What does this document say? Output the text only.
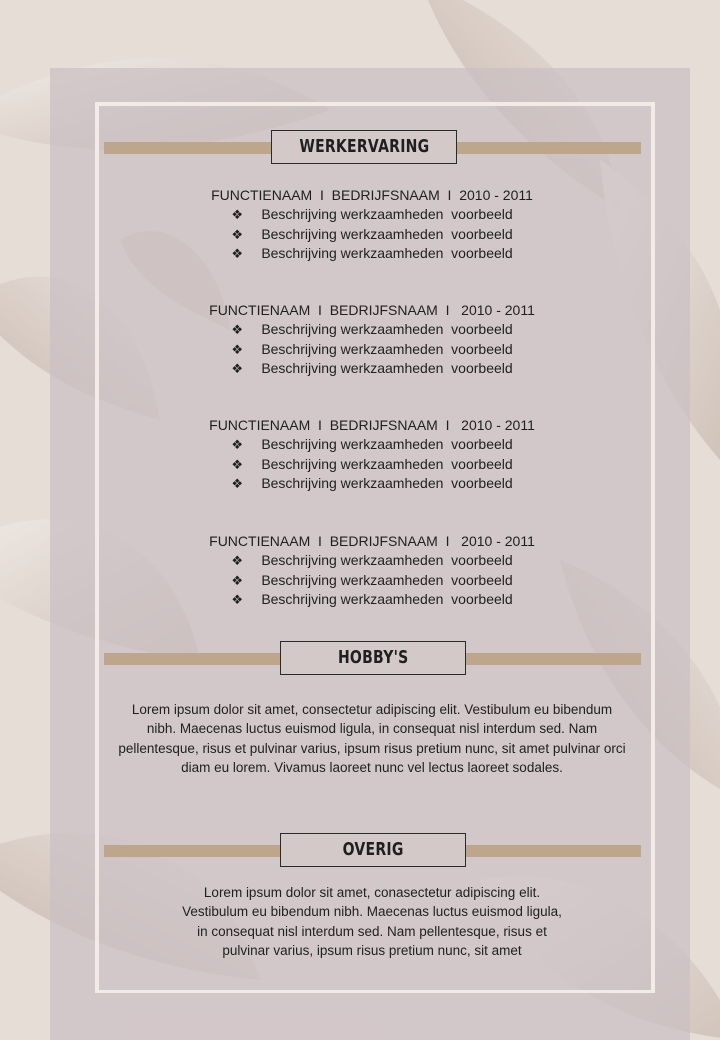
WERKERVARING
FUNCTIENAAM  I  BEDRIJFSNAAM  I  2010 - 2011
❖ Beschrijving werkzaamheden  voorbeeld
❖ Beschrijving werkzaamheden  voorbeeld
❖ Beschrijving werkzaamheden  voorbeeld
FUNCTIENAAM  I  BEDRIJFSNAAM  I   2010 - 2011
❖ Beschrijving werkzaamheden  voorbeeld
❖ Beschrijving werkzaamheden  voorbeeld
❖ Beschrijving werkzaamheden  voorbeeld
FUNCTIENAAM  I  BEDRIJFSNAAM  I   2010 - 2011
❖ Beschrijving werkzaamheden  voorbeeld
❖ Beschrijving werkzaamheden  voorbeeld
❖ Beschrijving werkzaamheden  voorbeeld
FUNCTIENAAM  I  BEDRIJFSNAAM  I   2010 - 2011
❖ Beschrijving werkzaamheden  voorbeeld
❖ Beschrijving werkzaamheden  voorbeeld
❖ Beschrijving werkzaamheden  voorbeeld
HOBBY'S
Lorem ipsum dolor sit amet, consectetur adipiscing elit. Vestibulum eu bibendum nibh. Maecenas luctus euismod ligula, in consequat nisl interdum sed. Nam pellentesque, risus et pulvinar varius, ipsum risus pretium nunc, sit amet pulvinar orci diam eu lorem. Vivamus laoreet nunc vel lectus laoreet sodales.
OVERIG
Lorem ipsum dolor sit amet, conasectetur adipiscing elit. Vestibulum eu bibendum nibh. Maecenas luctus euismod ligula, in consequat nisl interdum sed. Nam pellentesque, risus et pulvinar varius, ipsum risus pretium nunc, sit amet
